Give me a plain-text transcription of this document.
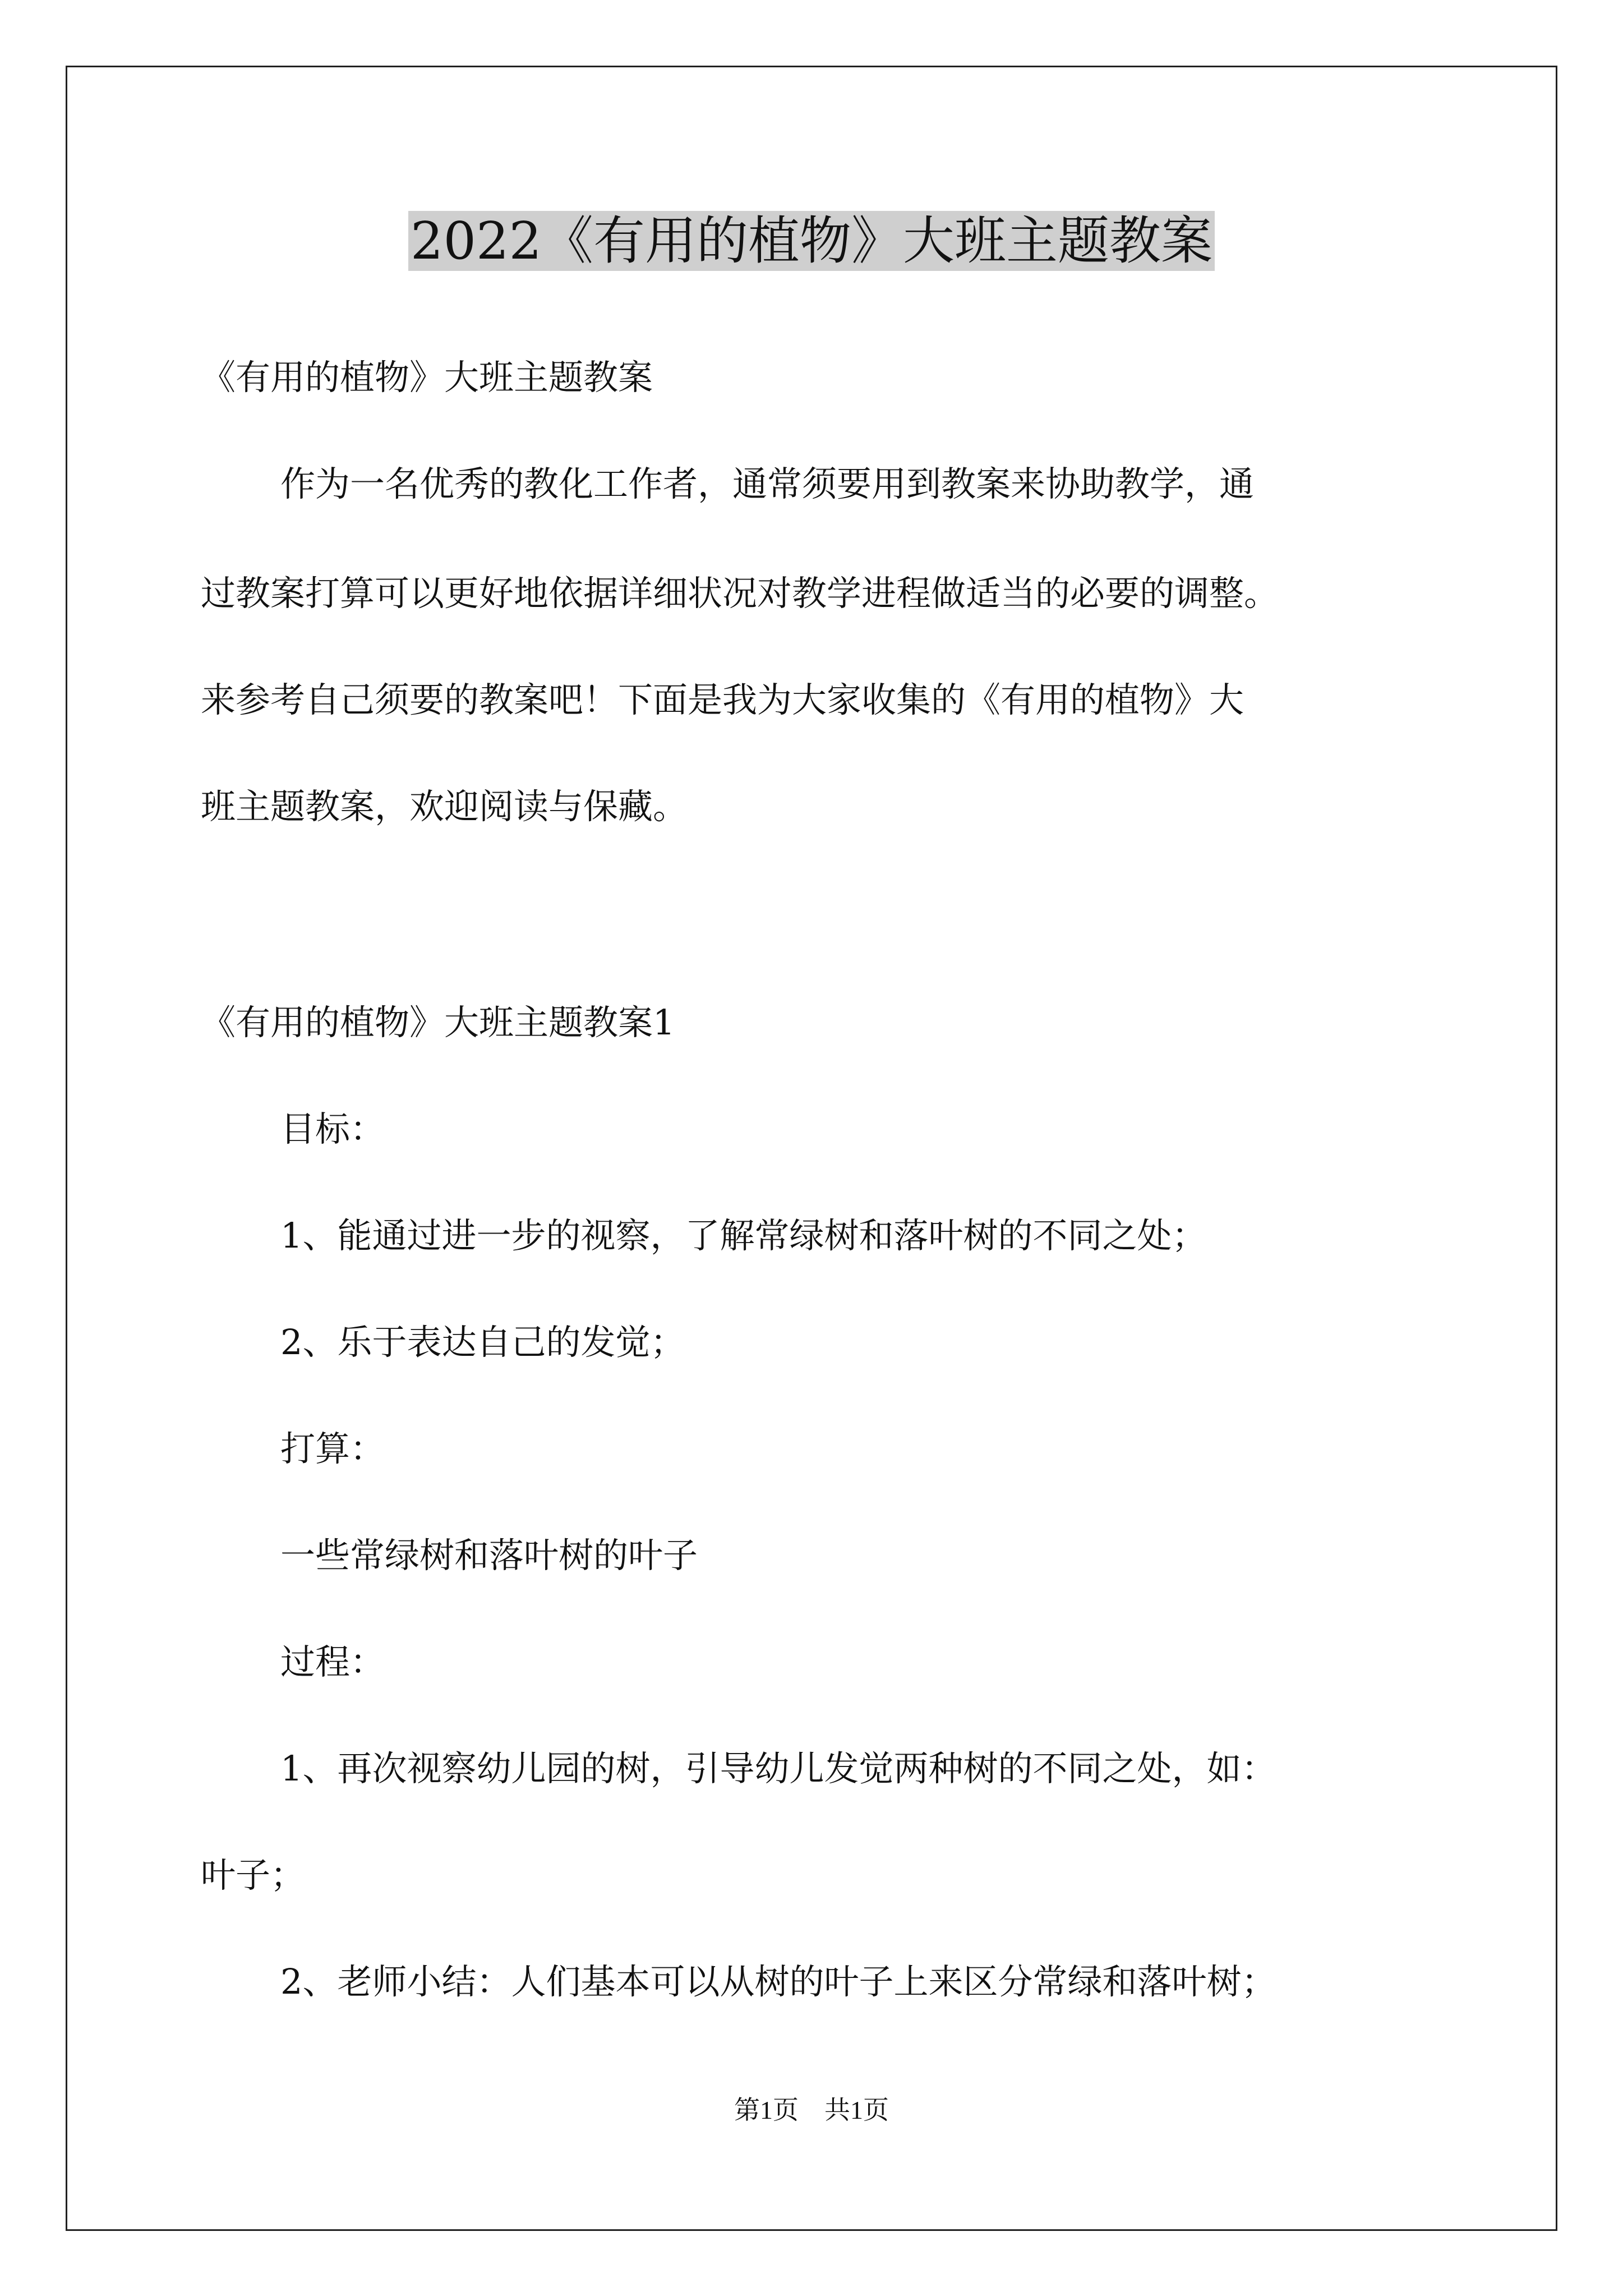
2022《有用的植物》大班主题教案
《有用的植物》大班主题教案
作为一名优秀的教化工作者，通常须要用到教案来协助教学，通
过教案打算可以更好地依据详细状况对教学进程做适当的必要的调整。
来参考自己须要的教案吧！下面是我为大家收集的《有用的植物》大
班主题教案，欢迎阅读与保藏。
《有用的植物》大班主题教案1
目标：
1、能通过进一步的视察，了解常绿树和落叶树的不同之处；
2、乐于表达自己的发觉；
打算：
一些常绿树和落叶树的叶子
过程：
1、再次视察幼儿园的树，引导幼儿发觉两种树的不同之处，如：
叶子；
2、老师小结：人们基本可以从树的叶子上来区分常绿和落叶树；
第1页　共1页
